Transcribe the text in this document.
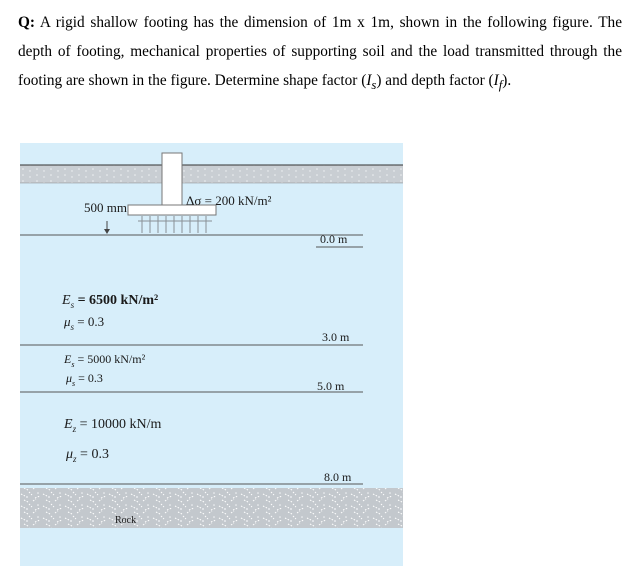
Q: A rigid shallow footing has the dimension of 1m x 1m, shown in the following figure. The depth of footing, mechanical properties of supporting soil and the load transmitted through the footing are shown in the figure. Determine shape factor $(I_s)$ and depth factor $(I_f)$.
500 mm	Δσ = 200 kN/m²
0.0 m
3.0 m
5.0 m
8.0 m
$E_s = 6500$ kN/m²
$\mu_s = 0.3$
$E_s = 5000$ kN/m²
$\mu_s = 0.3$
$E_z = 10000$ kN/m
$\mu_z = 0.3$
Rock
